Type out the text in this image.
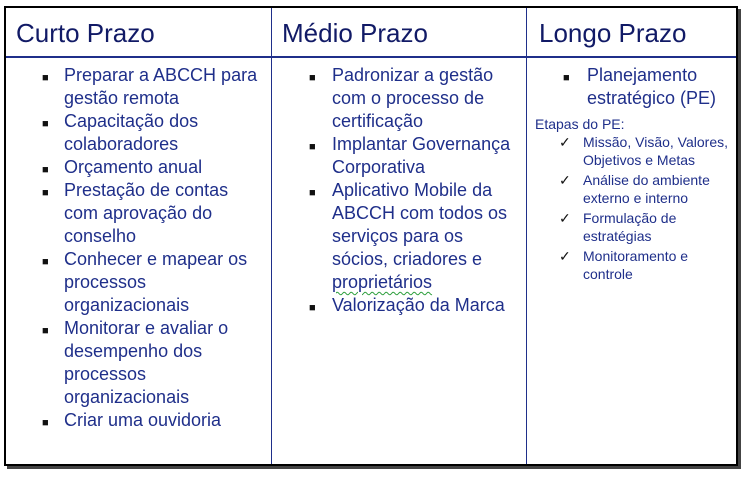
Curto Prazo
■ Preparar a ABCCH para gestão remota
■ Capacitação dos colaboradores
■ Orçamento anual
■ Prestação de contas com aprovação do conselho
■ Conhecer e mapear os processos organizacionais
■ Monitorar e avaliar o desempenho dos processos organizacionais
■ Criar uma ouvidoria
Médio Prazo
■ Padronizar a gestão com o processo de certificação
■ Implantar Governança Corporativa
■ Aplicativo Mobile da ABCCH com todos os serviços para os sócios, criadores e proprietários
■ Valorização da Marca
Longo Prazo
■ Planejamento estratégico (PE)
Etapas do PE:
✓ Missão, Visão, Valores, Objetivos e Metas
✓ Análise do ambiente externo e interno
✓ Formulação de estratégias
✓ Monitoramento e controle
